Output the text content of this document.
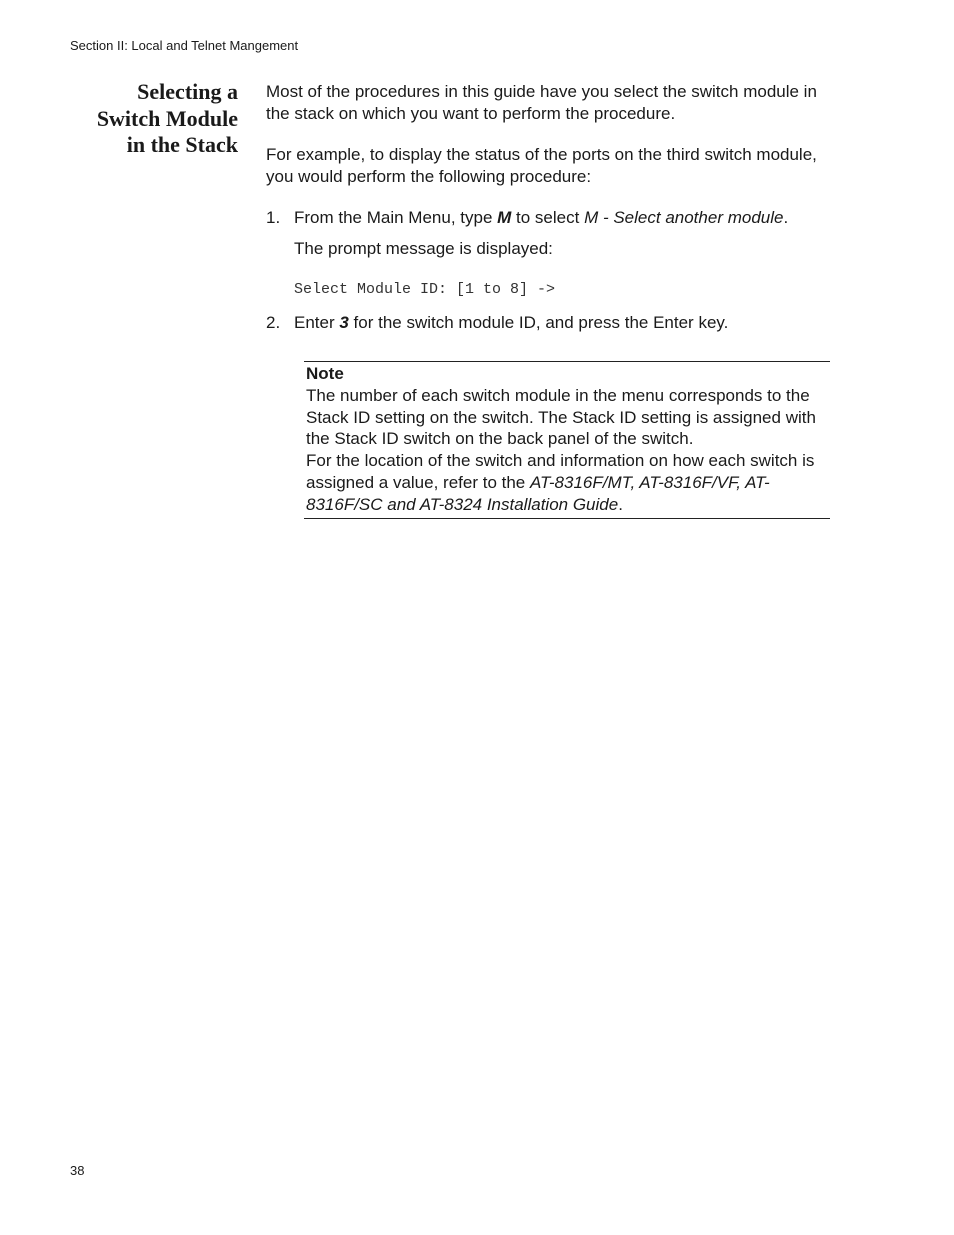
Section II: Local and Telnet Mangement
Selecting a
Switch Module
in the Stack

Most of the procedures in this guide have you select the switch module in the stack on which you want to perform the procedure.

For example, to display the status of the ports on the third switch module, you would perform the following procedure:

1. From the Main Menu, type M to select M - Select another module.

The prompt message is displayed:

Select Module ID: [1 to 8] ->

2. Enter 3 for the switch module ID, and press the Enter key.

Note

The number of each switch module in the menu corresponds to the Stack ID setting on the switch. The Stack ID setting is assigned with the Stack ID switch on the back panel of the switch.

For the location of the switch and information on how each switch is assigned a value, refer to the AT-8316F/MT, AT-8316F/VF, AT-8316F/SC and AT-8324 Installation Guide.

38
